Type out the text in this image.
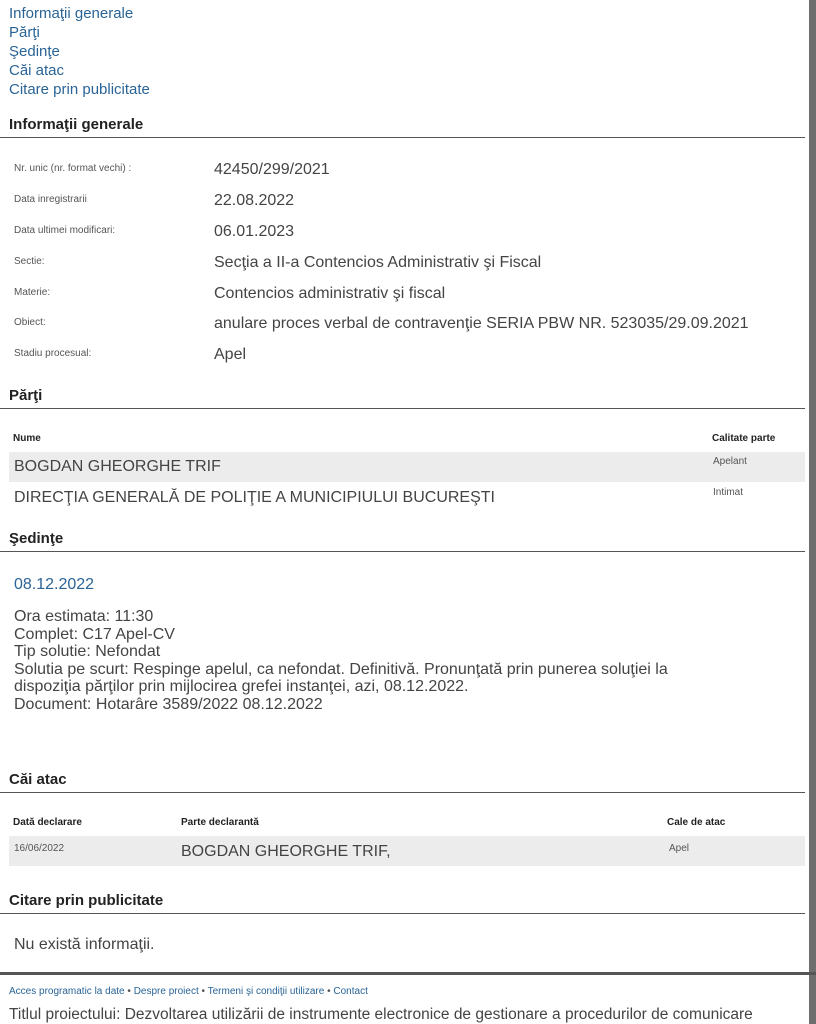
Informaţii generale
Părţi
Şedinţe
Căi atac
Citare prin publicitate
Informaţii generale
Nr. unic (nr. format vechi) :	42450/299/2021
Data inregistrarii	22.08.2022
Data ultimei modificari:	06.01.2023
Sectie:	Secţia a II-a Contencios Administrativ şi Fiscal
Materie:	Contencios administrativ şi fiscal
Obiect:	anulare proces verbal de contravenţie SERIA PBW NR. 523035/29.09.2021
Stadiu procesual:	Apel
Părţi
Nume	Calitate parte
BOGDAN GHEORGHE TRIF	Apelant
DIRECŢIA GENERALĂ DE POLIŢIE A MUNICIPIULUI BUCUREŞTI	Intimat
Şedinţe
08.12.2022
Ora estimata: 11:30
Complet: C17 Apel-CV
Tip solutie: Nefondat
Solutia pe scurt: Respinge apelul, ca nefondat. Definitivă. Pronunţată prin punerea soluţiei la
dispoziţia părţilor prin mijlocirea grefei instanţei, azi, 08.12.2022.
Document: Hotarâre 3589/2022 08.12.2022
Căi atac
Dată declarare	Parte declarantă	Cale de atac
16/06/2022	BOGDAN GHEORGHE TRIF,	Apel
Citare prin publicitate
Nu există informaţii.
Acces programatic la date • Despre proiect • Termeni şi condiţii utilizare • Contact
Titlul proiectului: Dezvoltarea utilizării de instrumente electronice de gestionare a procedurilor de comunicare
